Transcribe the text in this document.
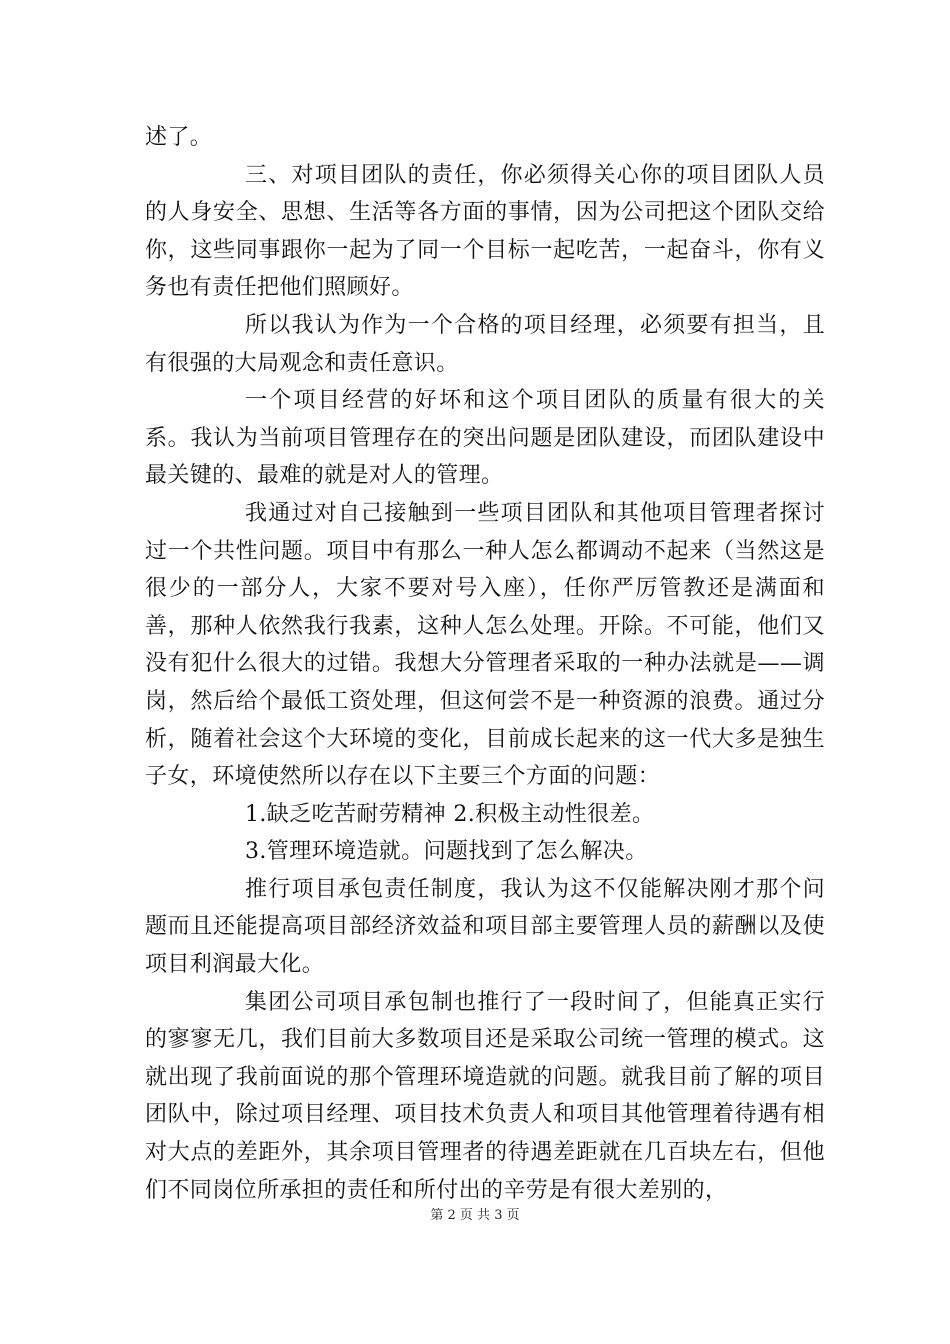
述了。

三、对项目团队的责任，你必须得关心你的项目团队人员的人身安全、思想、生活等各方面的事情，因为公司把这个团队交给你，这些同事跟你一起为了同一个目标一起吃苦，一起奋斗，你有义务也有责任把他们照顾好。

所以我认为作为一个合格的项目经理，必须要有担当，且有很强的大局观念和责任意识。

一个项目经营的好坏和这个项目团队的质量有很大的关系。我认为当前项目管理存在的突出问题是团队建设，而团队建设中最关键的、最难的就是对人的管理。

我通过对自己接触到一些项目团队和其他项目管理者探讨过一个共性问题。项目中有那么一种人怎么都调动不起来（当然这是很少的一部分人，大家不要对号入座），任你严厉管教还是满面和善，那种人依然我行我素，这种人怎么处理。开除。不可能，他们又没有犯什么很大的过错。我想大分管理者采取的一种办法就是——调岗，然后给个最低工资处理，但这何尝不是一种资源的浪费。通过分析，随着社会这个大环境的变化，目前成长起来的这一代大多是独生子女，环境使然所以存在以下主要三个方面的问题：

1.缺乏吃苦耐劳精神 2.积极主动性很差。

3.管理环境造就。问题找到了怎么解决。

推行项目承包责任制度，我认为这不仅能解决刚才那个问题而且还能提高项目部经济效益和项目部主要管理人员的薪酬以及使项目利润最大化。

集团公司项目承包制也推行了一段时间了，但能真正实行的寥寥无几，我们目前大多数项目还是采取公司统一管理的模式。这就出现了我前面说的那个管理环境造就的问题。就我目前了解的项目团队中，除过项目经理、项目技术负责人和项目其他管理着待遇有相对大点的差距外，其余项目管理者的待遇差距就在几百块左右，但他们不同岗位所承担的责任和所付出的辛劳是有很大差别的，

第 2 页 共 3 页
